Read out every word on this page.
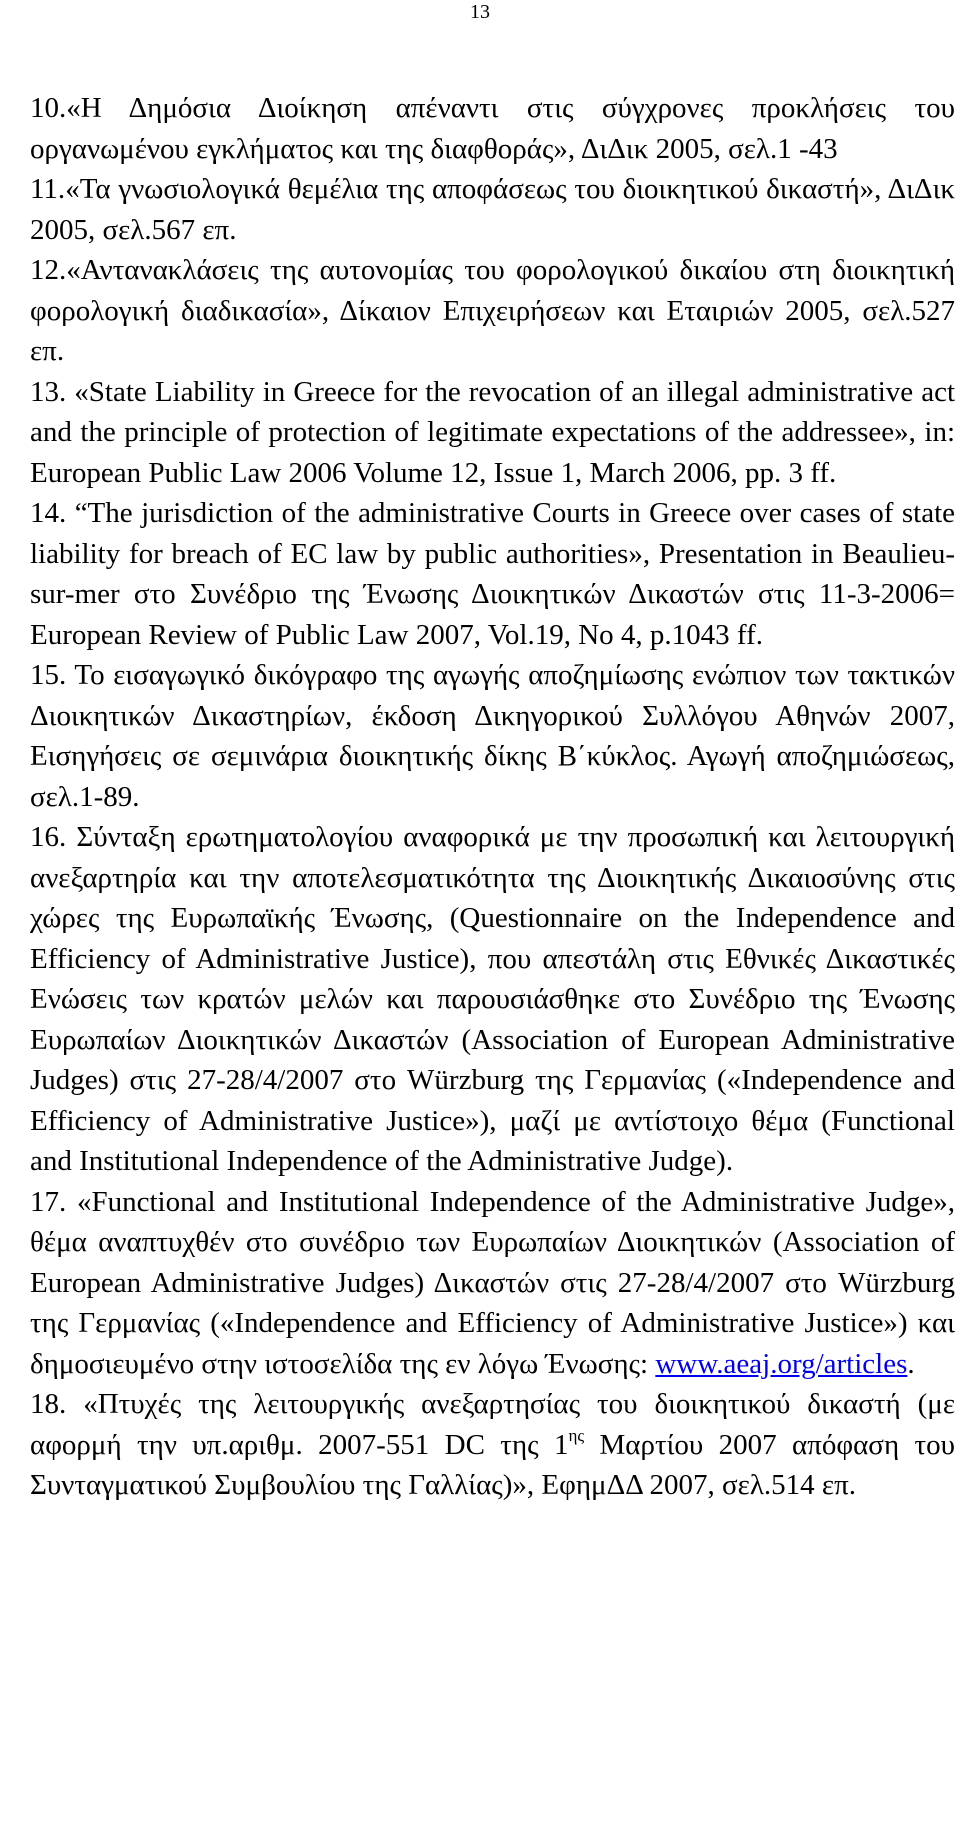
13
10.«Η Δημόσια Διοίκηση απέναντι στις σύγχρονες προκλήσεις του οργανωμένου εγκλήματος και της διαφθοράς», ΔιΔικ 2005, σελ.1 -43
11.«Τα γνωσιολογικά θεμέλια της αποφάσεως του διοικητικού δικαστή», ΔιΔικ 2005, σελ.567 επ.
12.«Αντανακλάσεις της αυτονομίας του φορολογικού δικαίου στη διοικητική φορολογική διαδικασία», Δίκαιον Επιχειρήσεων και Εταιριών 2005, σελ.527 επ.
13. «State Liability in Greece for the revocation of an illegal administrative act and the principle of protection of legitimate expectations of the addressee», in: European Public Law 2006 Volume 12, Issue 1, March 2006, pp. 3 ff.
14. “The jurisdiction of the administrative Courts in Greece over cases of state liability for breach of EC law by public authorities», Presentation in Beaulieu-sur-mer στο Συνέδριο της Ένωσης Διοικητικών Δικαστών στις 11-3-2006= European Review of Public Law 2007, Vol.19, No 4, p.1043 ff.
15. Το εισαγωγικό δικόγραφο της αγωγής αποζημίωσης ενώπιον των τακτικών Διοικητικών Δικαστηρίων, έκδοση Δικηγορικού Συλλόγου Αθηνών 2007, Εισηγήσεις σε σεμινάρια διοικητικής δίκης Β΄κύκλος. Αγωγή αποζημιώσεως, σελ.1-89.
16. Σύνταξη ερωτηματολογίου αναφορικά με την προσωπική και λειτουργική ανεξαρτηρία και την αποτελεσματικότητα της Διοικητικής Δικαιοσύνης στις χώρες της Ευρωπαϊκής Ένωσης, (Questionnaire on the Independence and Efficiency of Administrative Justice), που απεστάλη στις Εθνικές Δικαστικές Ενώσεις των κρατών μελών και παρουσιάσθηκε στο Συνέδριο της Ένωσης Ευρωπαίων Διοικητικών Δικαστών (Association of European Administrative Judges) στις 27-28/4/2007 στο Würzburg της Γερμανίας («Independence and Efficiency of Administrative Justice»), μαζί με αντίστοιχο θέμα (Functional and Institutional Independence of the Administrative Judge).
17. «Functional and Institutional Independence of the Administrative Judge», θέμα αναπτυχθέν στο συνέδριο των Ευρωπαίων Διοικητικών (Association of European Administrative Judges) Δικαστών στις 27-28/4/2007 στο Würzburg της Γερμανίας («Independence and Efficiency of Administrative Justice») και δημοσιευμένο στην ιστοσελίδα της εν λόγω Ένωσης: www.aeaj.org/articles.
18. «Πτυχές της λειτουργικής ανεξαρτησίας του διοικητικού δικαστή (με αφορμή την υπ.αριθμ. 2007-551 DC της $1^{\eta\varsigma}$ Μαρτίου 2007 απόφαση του Συνταγματικού Συμβουλίου της Γαλλίας)», ΕφημΔΔ 2007, σελ.514 επ.
